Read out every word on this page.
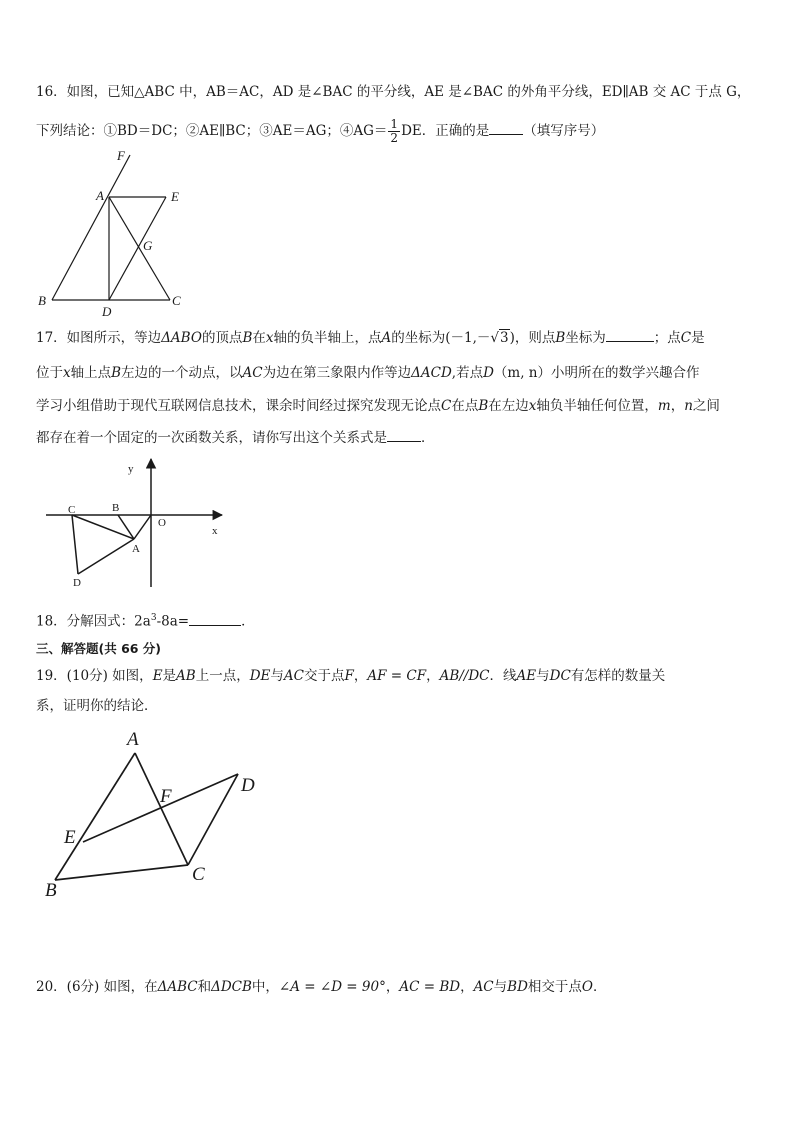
16．如图，已知△ABC 中，AB＝AC，AD 是∠BAC 的平分线，AE 是∠BAC 的外角平分线，ED∥AB 交 AC 于点 G，
下列结论：①BD＝DC；②AE∥BC；③AE＝AG；④AG＝ $\frac{1}{2}$ DE．正确的是	（填写序号）
F
A	E
G
B
D
C
17．如图所示，等边ΔABO的顶点B在x轴的负半轴上，点A的坐标为(－1,－√3)，则点B坐标为	；点C是
位于x轴上点B左边的一个动点，以AC为边在第三象限内作等边ΔACD,若点D（m, n）小明所在的数学兴趣合作
学习小组借助于现代互联网信息技术，课余时间经过探究发现无论点C在点B在左边x轴负半轴任何位置，m，n之间
都存在着一个固定的一次函数关系，请你写出这个关系式是	．
y
x
O
B
C
A
D
18．分解因式：$2a^3-8a=$	．
三、解答题(共 66 分)
19．(10分) 如图，E是AB上一点，DE与AC交于点F，AF = CF，AB//DC．线AE与DC有怎样的数量关
系，证明你的结论．
A
F
D
E
B
C
20．(6分) 如图，在ΔABC和ΔDCB中，∠A = ∠D = 90°，AC = BD，AC与BD相交于点O．
